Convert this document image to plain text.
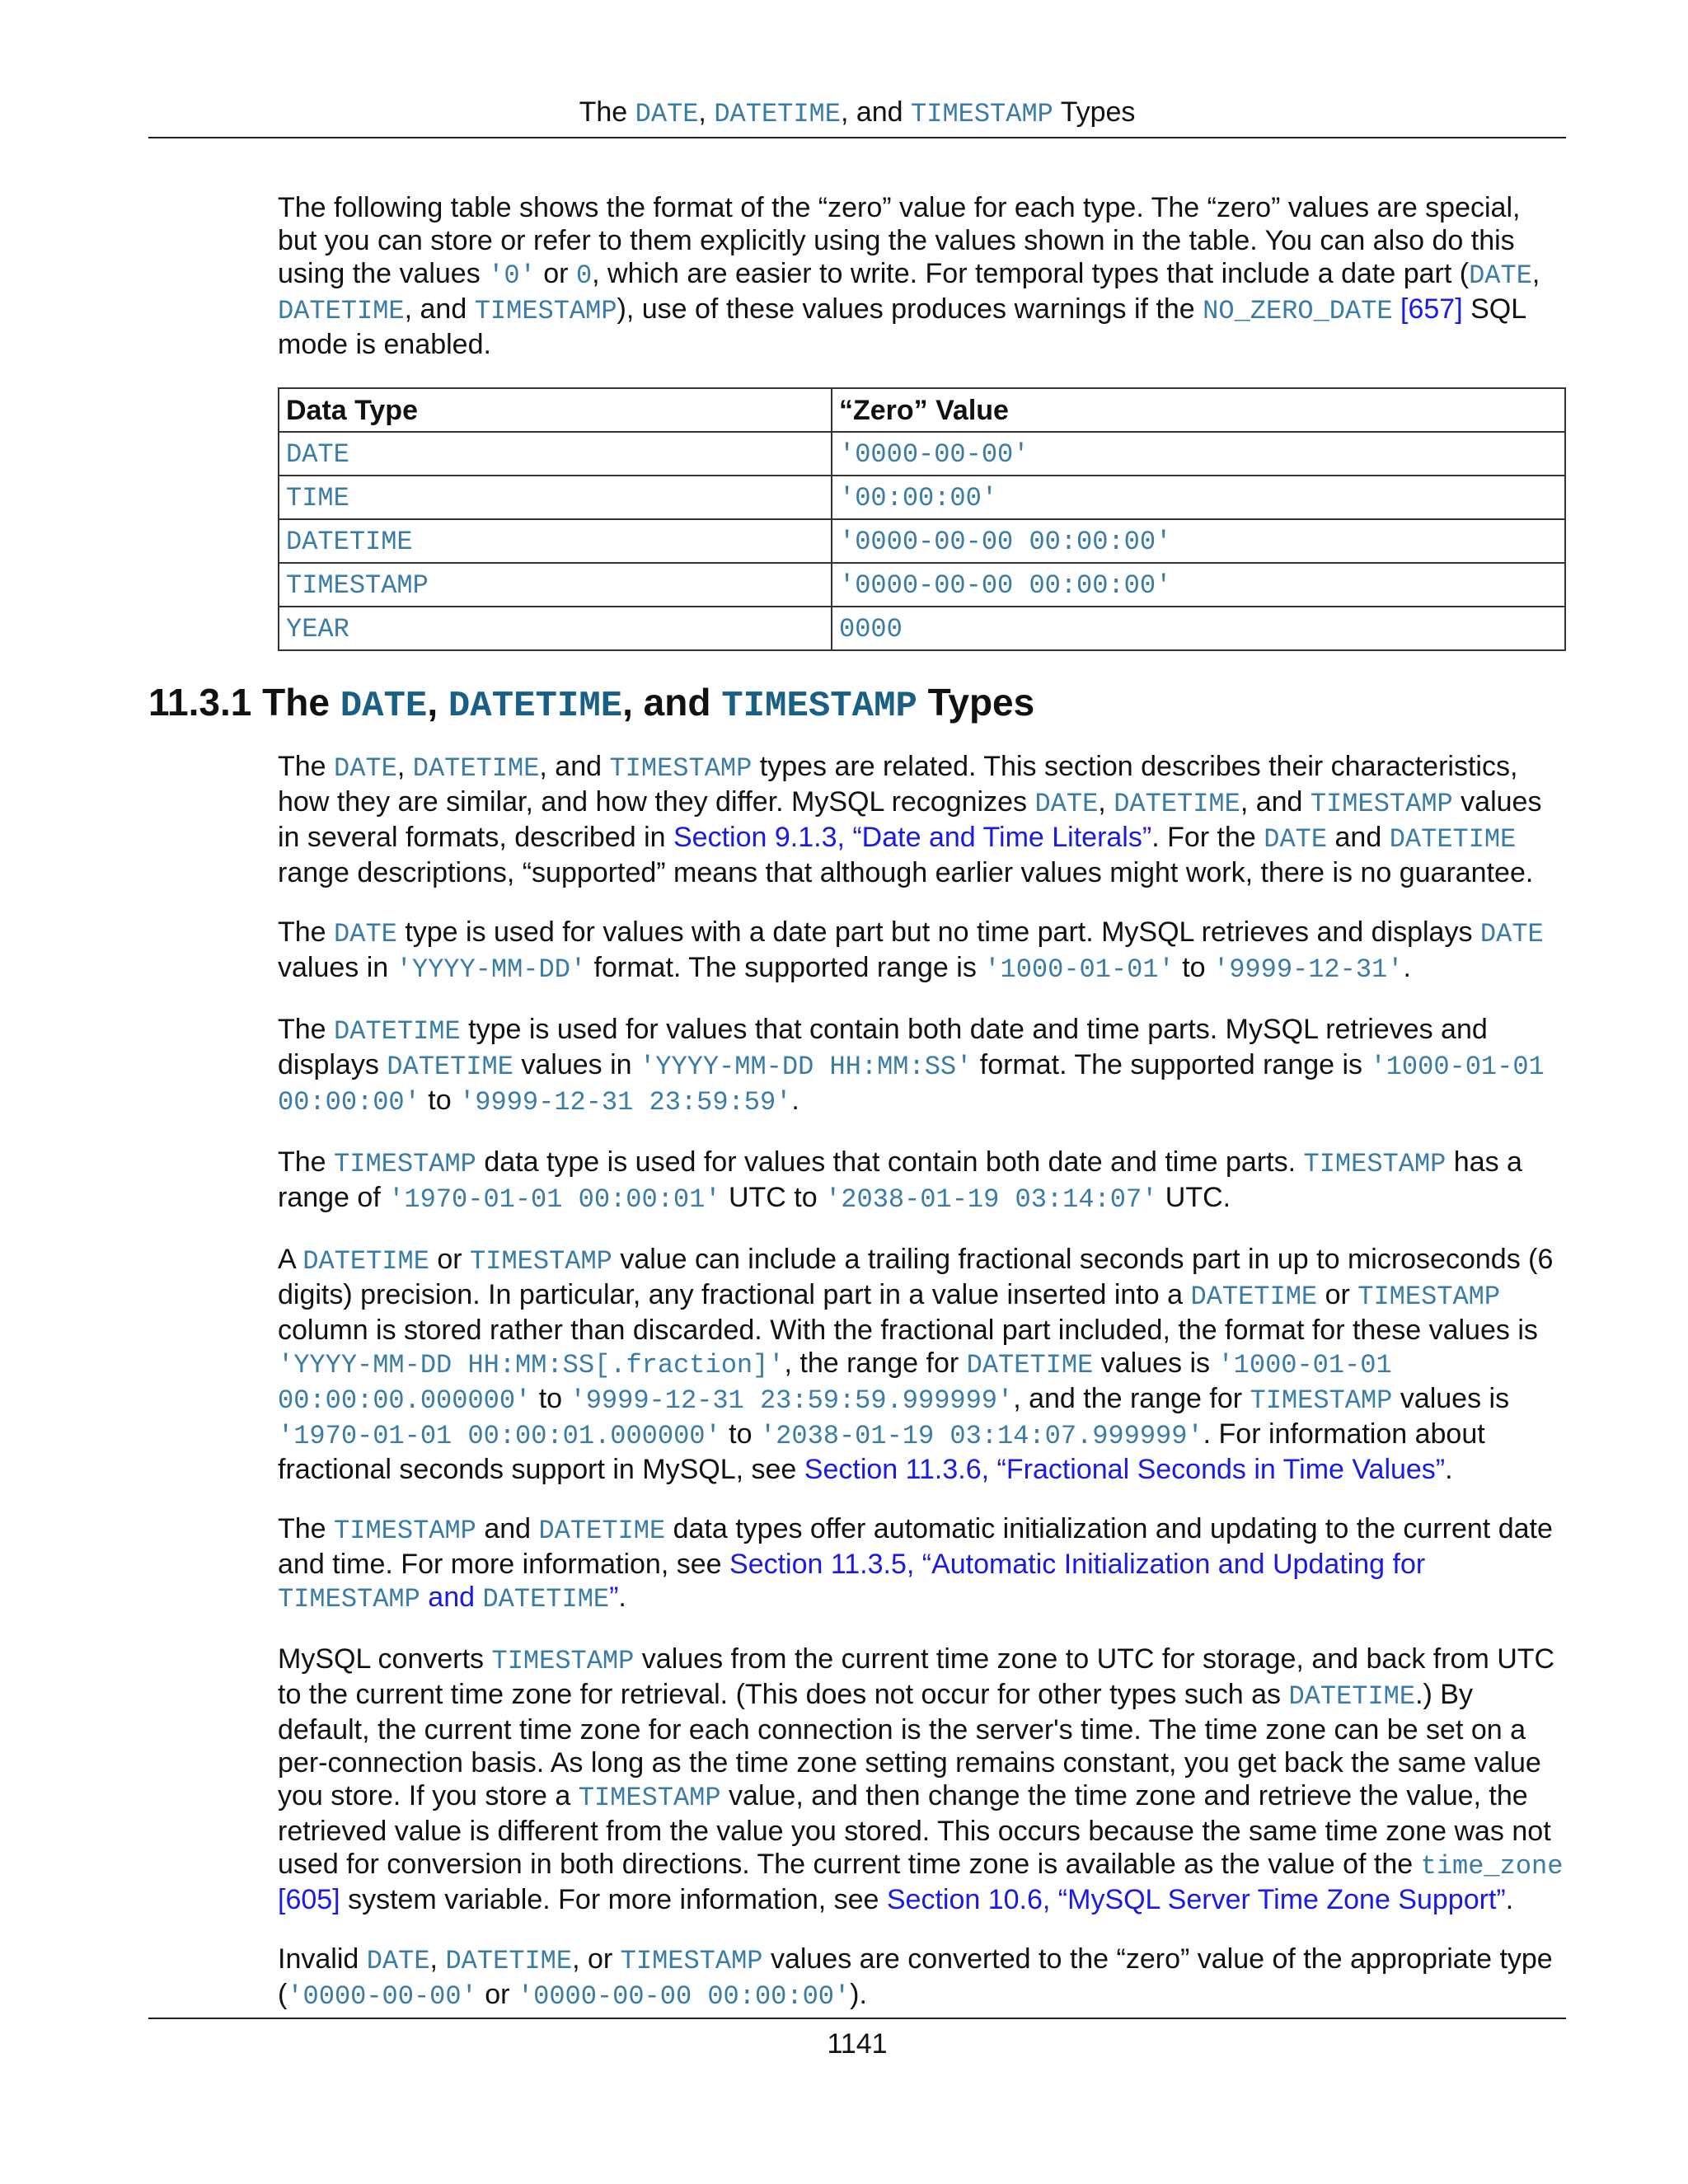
The DATE, DATETIME, and TIMESTAMP Types

The following table shows the format of the “zero” value for each type. The “zero” values are special, but you can store or refer to them explicitly using the values shown in the table. You can also do this using the values '0' or 0, which are easier to write. For temporal types that include a date part (DATE, DATETIME, and TIMESTAMP), use of these values produces warnings if the NO_ZERO_DATE [657] SQL mode is enabled.

Data Type	“Zero” Value
DATE	'0000-00-00'
TIME	'00:00:00'
DATETIME	'0000-00-00 00:00:00'
TIMESTAMP	'0000-00-00 00:00:00'
YEAR	0000
11.3.1 The DATE, DATETIME, and TIMESTAMP Types

The DATE, DATETIME, and TIMESTAMP types are related. This section describes their characteristics, how they are similar, and how they differ. MySQL recognizes DATE, DATETIME, and TIMESTAMP values in several formats, described in Section 9.1.3, “Date and Time Literals”. For the DATE and DATETIME range descriptions, “supported” means that although earlier values might work, there is no guarantee.

The DATE type is used for values with a date part but no time part. MySQL retrieves and displays DATE values in 'YYYY-MM-DD' format. The supported range is '1000-01-01' to '9999-12-31'.

The DATETIME type is used for values that contain both date and time parts. MySQL retrieves and displays DATETIME values in 'YYYY-MM-DD HH:MM:SS' format. The supported range is '1000-01-01 00:00:00' to '9999-12-31 23:59:59'.

The TIMESTAMP data type is used for values that contain both date and time parts. TIMESTAMP has a range of '1970-01-01 00:00:01' UTC to '2038-01-19 03:14:07' UTC.

A DATETIME or TIMESTAMP value can include a trailing fractional seconds part in up to microseconds (6 digits) precision. In particular, any fractional part in a value inserted into a DATETIME or TIMESTAMP column is stored rather than discarded. With the fractional part included, the format for these values is 'YYYY-MM-DD HH:MM:SS[.fraction]', the range for DATETIME values is '1000-01-01 00:00:00.000000' to '9999-12-31 23:59:59.999999', and the range for TIMESTAMP values is '1970-01-01 00:00:01.000000' to '2038-01-19 03:14:07.999999'. For information about fractional seconds support in MySQL, see Section 11.3.6, “Fractional Seconds in Time Values”.

The TIMESTAMP and DATETIME data types offer automatic initialization and updating to the current date and time. For more information, see Section 11.3.5, “Automatic Initialization and Updating for TIMESTAMP and DATETIME”.

MySQL converts TIMESTAMP values from the current time zone to UTC for storage, and back from UTC to the current time zone for retrieval. (This does not occur for other types such as DATETIME.) By default, the current time zone for each connection is the server's time. The time zone can be set on a per-connection basis. As long as the time zone setting remains constant, you get back the same value you store. If you store a TIMESTAMP value, and then change the time zone and retrieve the value, the retrieved value is different from the value you stored. This occurs because the same time zone was not used for conversion in both directions. The current time zone is available as the value of the time_zone [605] system variable. For more information, see Section 10.6, “MySQL Server Time Zone Support”.

Invalid DATE, DATETIME, or TIMESTAMP values are converted to the “zero” value of the appropriate type ('0000-00-00' or '0000-00-00 00:00:00').

1141
